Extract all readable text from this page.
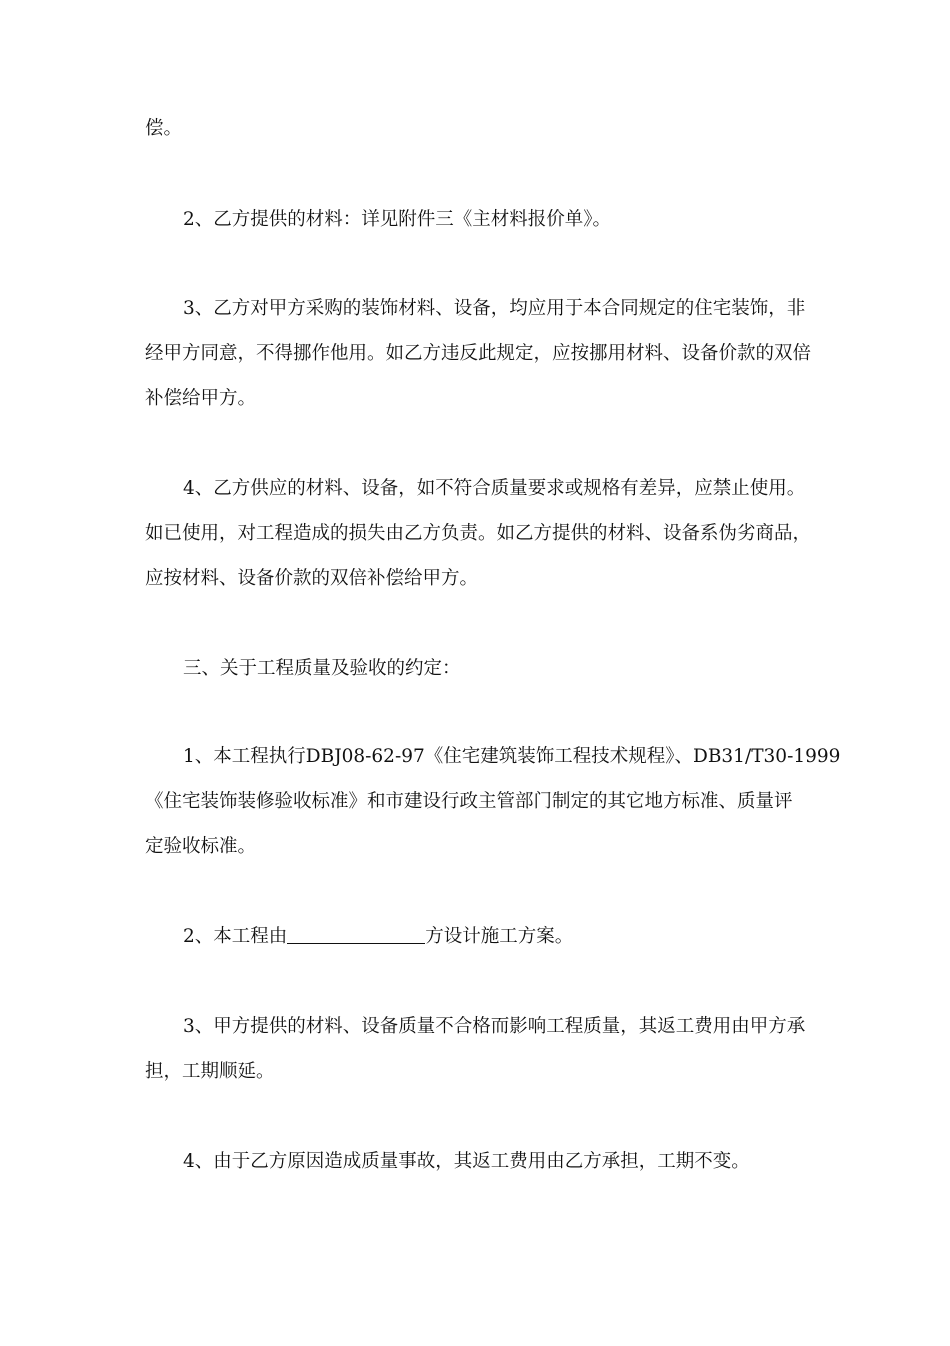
偿。
2、乙方提供的材料：详见附件三《主材料报价单》。
3、乙方对甲方采购的装饰材料、设备，均应用于本合同规定的住宅装饰，非
经甲方同意，不得挪作他用。如乙方违反此规定，应按挪用材料、设备价款的双倍
补偿给甲方。
4、乙方供应的材料、设备，如不符合质量要求或规格有差异，应禁止使用。
如已使用，对工程造成的损失由乙方负责。如乙方提供的材料、设备系伪劣商品，
应按材料、设备价款的双倍补偿给甲方。
三、关于工程质量及验收的约定：
1、本工程执行DBJ08-62-97《住宅建筑装饰工程技术规程》、DB31/T30-1999
《住宅装饰装修验收标准》和市建设行政主管部门制定的其它地方标准、质量评
定验收标准。
2、本工程由	方设计施工方案。
3、甲方提供的材料、设备质量不合格而影响工程质量，其返工费用由甲方承
担，工期顺延。
4、由于乙方原因造成质量事故，其返工费用由乙方承担，工期不变。
